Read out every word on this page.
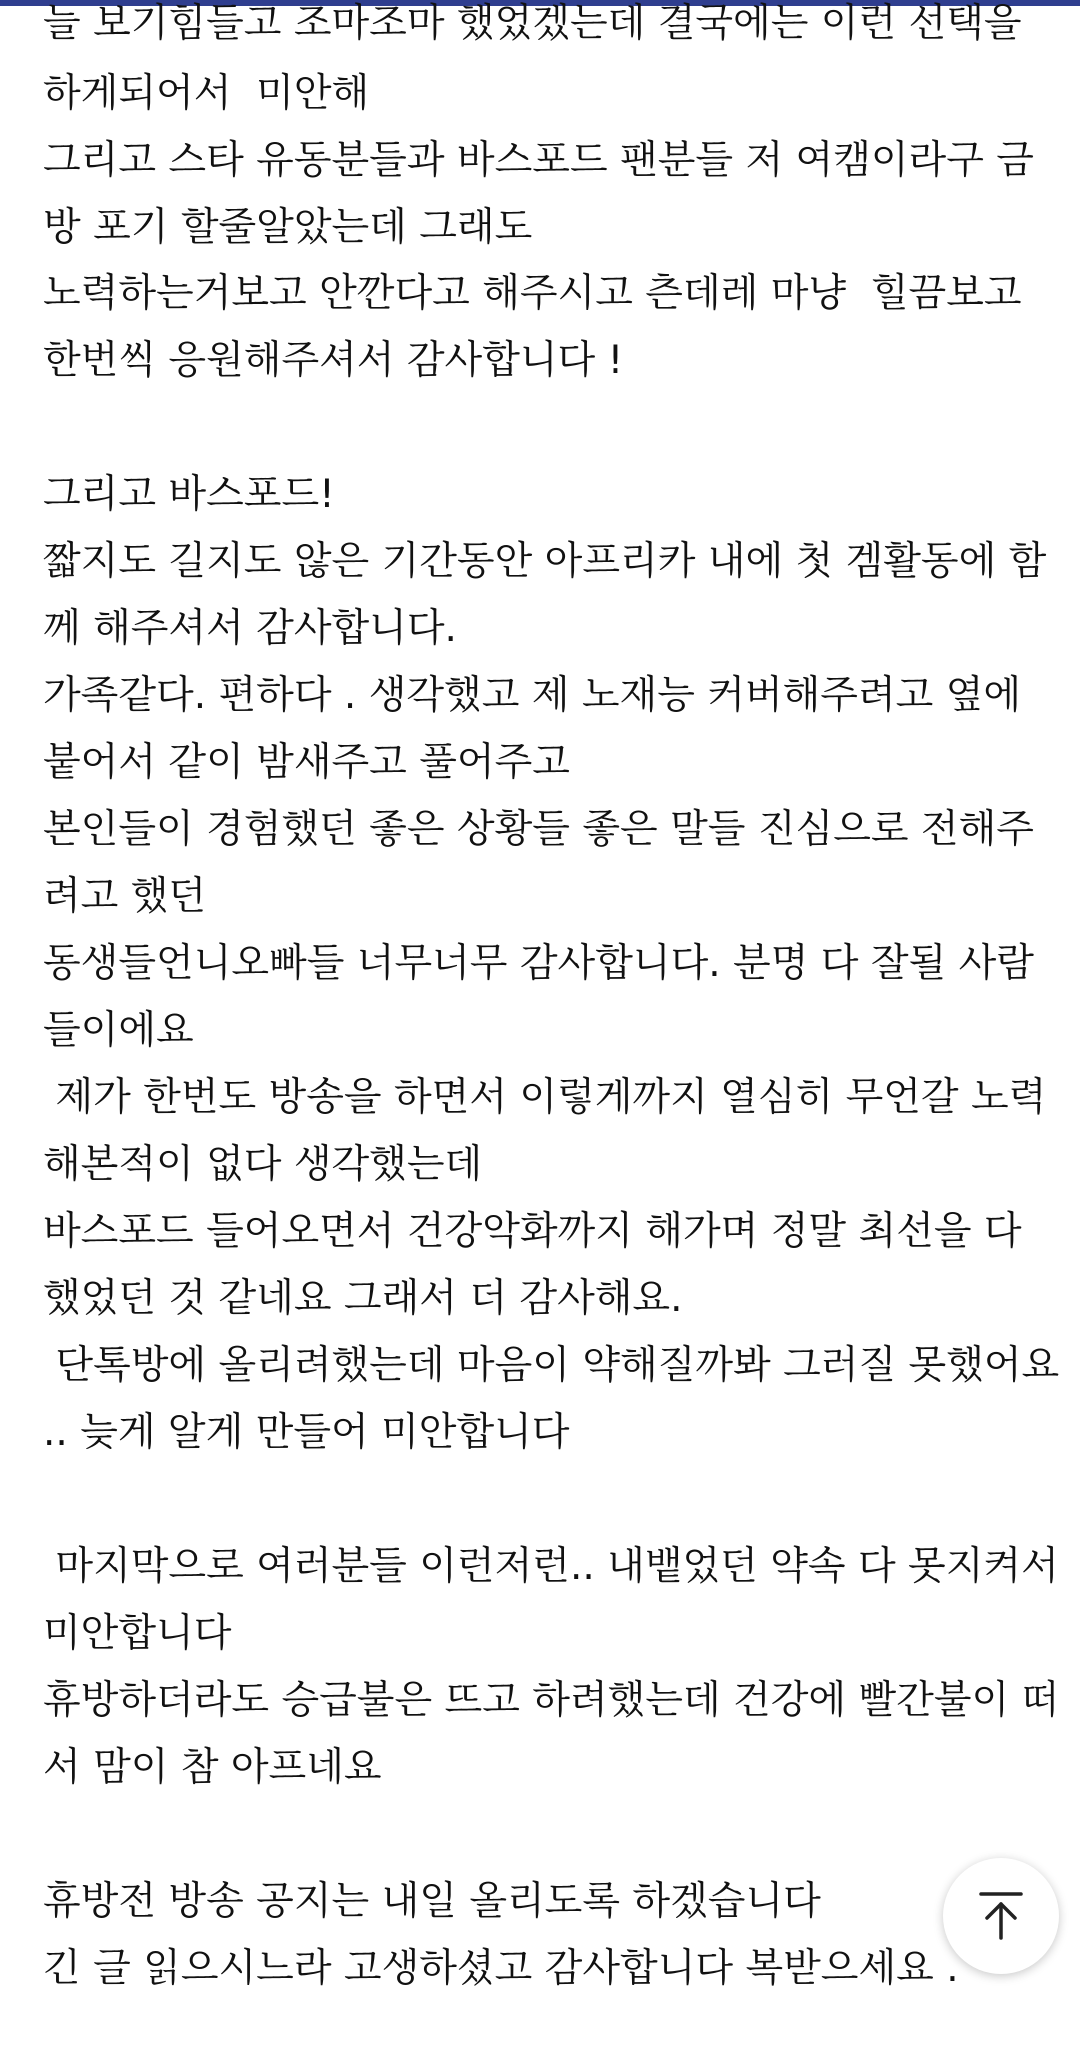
늘 보기힘들고 조마조마 했었겠는데 결국에는 이런 선택을
하게되어서  미안해
그리고 스타 유동분들과 바스포드 팬분들 저 여캠이라구 금
방 포기 할줄알았는데 그래도
노력하는거보고 안깐다고 해주시고 츤데레 마냥  힐끔보고
한번씩 응원해주셔서 감사합니다 !
그리고 바스포드!
짧지도 길지도 않은 기간동안 아프리카 내에 첫 겜활동에 함
께 해주셔서 감사합니다.
가족같다. 편하다 . 생각했고 제 노재능 커버해주려고 옆에
붙어서 같이 밤새주고 풀어주고
본인들이 경험했던 좋은 상황들 좋은 말들 진심으로 전해주
려고 했던
동생들언니오빠들 너무너무 감사합니다. 분명 다 잘될 사람
들이에요
제가 한번도 방송을 하면서 이렇게까지 열심히 무언갈 노력
해본적이 없다 생각했는데
바스포드 들어오면서 건강악화까지 해가며 정말 최선을 다
했었던 것 같네요 그래서 더 감사해요.
단톡방에 올리려했는데 마음이 약해질까봐 그러질 못했어요
.. 늦게 알게 만들어 미안합니다
마지막으로 여러분들 이런저런.. 내뱉었던 약속 다 못지켜서
미안합니다
휴방하더라도 승급불은 뜨고 하려했는데 건강에 빨간불이 떠
서 맘이 참 아프네요
휴방전 방송 공지는 내일 올리도록 하겠습니다
긴 글 읽으시느라 고생하셨고 감사합니다 복받으세요 .
